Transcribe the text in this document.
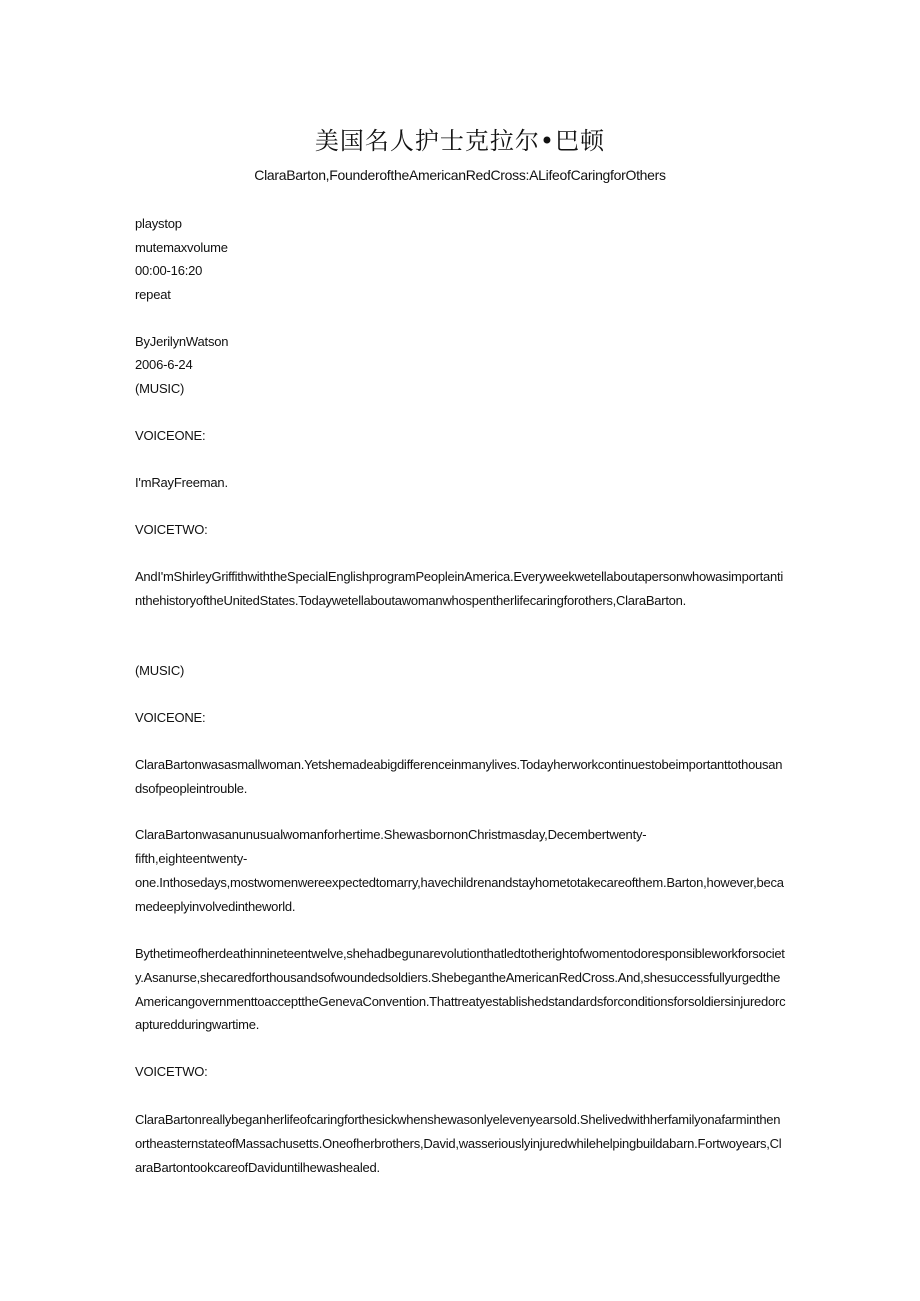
美国名人护士克拉尔•巴顿
ClaraBarton,FounderoftheAmericanRedCross:ALifeofCaringforOthers
playstop
mutemaxvolume
00:00-16:20
repeat
ByJerilynWatson
2006-6-24
(MUSIC)
VOICEONE:
I'mRayFreeman.
VOICETWO:
AndI'mShirleyGriffithwiththeSpecialEnglishprogramPeopleinAmerica.EveryweekwetellaboutapersonwhowasimportantinthehistoryoftheUnitedStates.Todaywetellaboutawomanwhospentherlifecaringforothers,ClaraBarton.
(MUSIC)
VOICEONE:
ClaraBartonwasasmallwoman.Yetshemadeabigdifferenceinmanylives.Todayherworkcontinuestobeimportanttothousandsofpeopleintrouble.
ClaraBartonwasanunusualwomanforhertime.ShewasbornonChristmasday,Decembertwenty-
fifth,eighteentwenty-
one.Inthosedays,mostwomenwereexpectedtomarry,havechildrenandstayhometotakecareofthem.Barton,however,becamedeeplyinvolvedintheworld.
Bythetimeofherdeathinnineteentwelve,shehadbegunarevolutionthatledtotherightofwomentodoresponsibleworkforsociety.Asanurse,shecaredforthousandsofwoundedsoldiers.ShebegantheAmericanRedCross.And,shesuccessfullyurgedtheAmericangovernmenttoaccepttheGenevaConvention.Thattreatyestablishedstandardsforconditionsforsoldiersinjuredorcapturedduringwartime.
VOICETWO:
ClaraBartonreallybeganherlifeofcaringforthesickwhenshewasonlyelevenyearsold.ShelivedwithherfamilyonafarminthenortheasternstateofMassachusetts.Oneofherbrothers,David,wasseriouslyinjuredwhilehelpingbuildabarn.Fortwoyears,ClaraBartontookcareofDaviduntilhewashealed.
